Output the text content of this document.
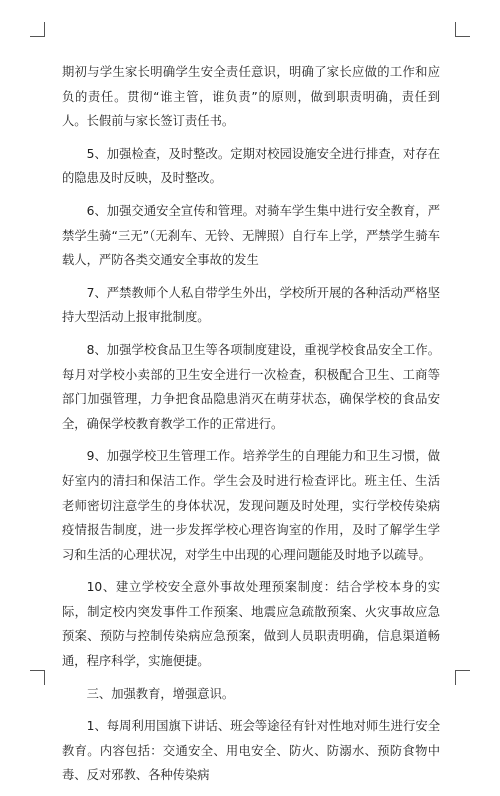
期初与学生家长明确学生安全责任意识，明确了家长应做的工作和应负的责任。贯彻“谁主管，谁负责”的原则，做到职责明确，责任到人。长假前与家长签订责任书。

5、加强检查，及时整改。定期对校园设施安全进行排查，对存在的隐患及时反映，及时整改。

6、加强交通安全宣传和管理。对骑车学生集中进行安全教育，严禁学生骑“三无”（无刹车、无铃、无牌照）自行车上学，严禁学生骑车载人，严防各类交通安全事故的发生

7、严禁教师个人私自带学生外出，学校所开展的各种活动严格坚持大型活动上报审批制度。

8、加强学校食品卫生等各项制度建设，重视学校食品安全工作。每月对学校小卖部的卫生安全进行一次检查，积极配合卫生、工商等部门加强管理，力争把食品隐患消灭在萌芽状态，确保学校的食品安全，确保学校教育教学工作的正常进行。

9、加强学校卫生管理工作。培养学生的自理能力和卫生习惯，做好室内的清扫和保洁工作。学生会及时进行检查评比。班主任、生活老师密切注意学生的身体状况，发现问题及时处理，实行学校传染病疫情报告制度，进一步发挥学校心理咨询室的作用，及时了解学生学习和生活的心理状况，对学生中出现的心理问题能及时地予以疏导。

10、建立学校安全意外事故处理预案制度：结合学校本身的实际，制定校内突发事件工作预案、地震应急疏散预案、火灾事故应急预案、预防与控制传染病应急预案，做到人员职责明确，信息渠道畅通，程序科学，实施便捷。

三、加强教育，增强意识。

1、每周利用国旗下讲话、班会等途径有针对性地对师生进行安全教育。内容包括：交通安全、用电安全、防火、防溺水、预防食物中毒、反对邪教、各种传染病
